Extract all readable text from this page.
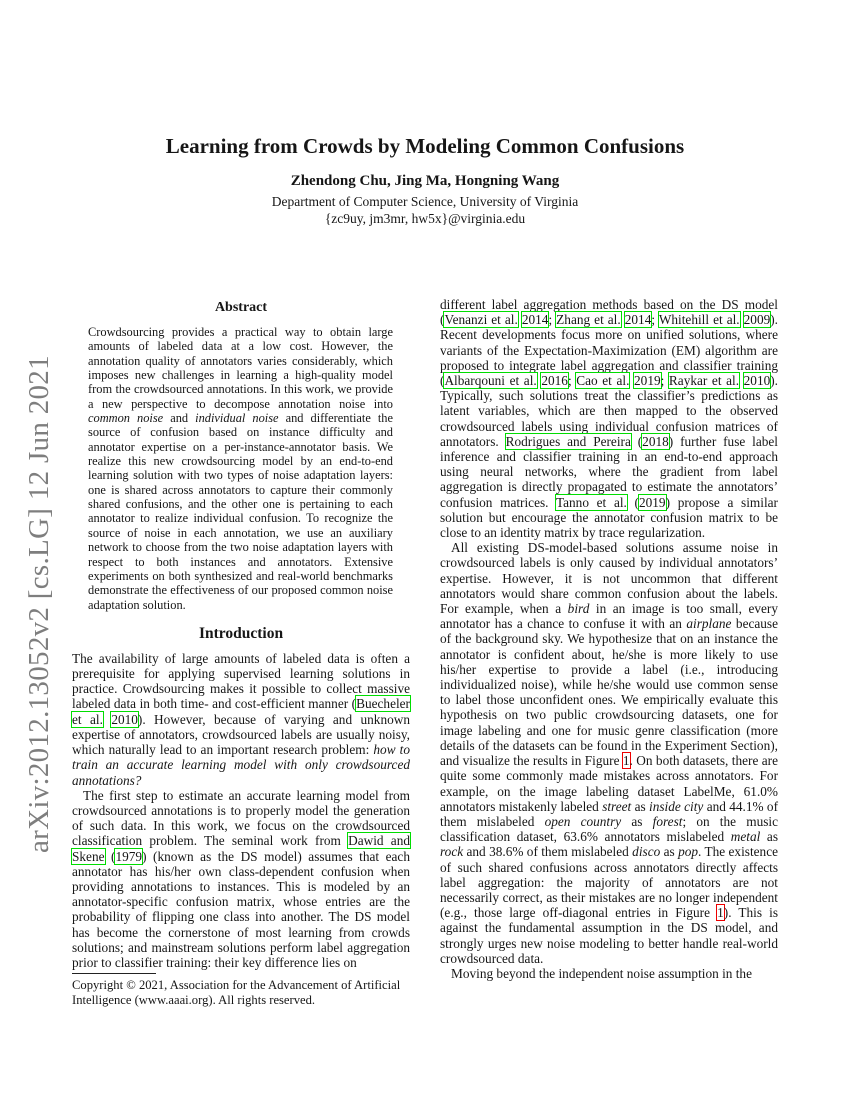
arXiv:2012.13052v2 [cs.LG] 12 Jun 2021
Learning from Crowds by Modeling Common Confusions
Zhendong Chu, Jing Ma, Hongning Wang
Department of Computer Science, University of Virginia
{zc9uy, jm3mr, hw5x}@virginia.edu
Abstract
Crowdsourcing provides a practical way to obtain large amounts of labeled data at a low cost. However, the annotation quality of annotators varies considerably, which imposes new challenges in learning a high-quality model from the crowdsourced annotations. In this work, we provide a new perspective to decompose annotation noise into common noise and individual noise and differentiate the source of confusion based on instance difficulty and annotator expertise on a per-instance-annotator basis. We realize this new crowdsourcing model by an end-to-end learning solution with two types of noise adaptation layers: one is shared across annotators to capture their commonly shared confusions, and the other one is pertaining to each annotator to realize individual confusion. To recognize the source of noise in each annotation, we use an auxiliary network to choose from the two noise adaptation layers with respect to both instances and annotators. Extensive experiments on both synthesized and real-world benchmarks demonstrate the effectiveness of our proposed common noise adaptation solution.
Introduction

The availability of large amounts of labeled data is often a prerequisite for applying supervised learning solutions in practice. Crowdsourcing makes it possible to collect massive labeled data in both time- and cost-efficient manner (Buecheler et al. 2010). However, because of varying and unknown expertise of annotators, crowdsourced labels are usually noisy, which naturally lead to an important research problem: how to train an accurate learning model with only crowdsourced annotations?

The first step to estimate an accurate learning model from crowdsourced annotations is to properly model the generation of such data. In this work, we focus on the crowdsourced classification problem. The seminal work from Dawid and Skene (1979) (known as the DS model) assumes that each annotator has his/her own class-dependent confusion when providing annotations to instances. This is modeled by an annotator-specific confusion matrix, whose entries are the probability of flipping one class into another. The DS model has become the cornerstone of most learning from crowds solutions; and mainstream solutions perform label aggregation prior to classifier training: their key difference lies on

Copyright © 2021, Association for the Advancement of Artificial Intelligence (www.aaai.org). All rights reserved.

different label aggregation methods based on the DS model (Venanzi et al. 2014; Zhang et al. 2014; Whitehill et al. 2009). Recent developments focus more on unified solutions, where variants of the Expectation-Maximization (EM) algorithm are proposed to integrate label aggregation and classifier training (Albarqouni et al. 2016; Cao et al. 2019; Raykar et al. 2010). Typically, such solutions treat the classifier’s predictions as latent variables, which are then mapped to the observed crowdsourced labels using individual confusion matrices of annotators. Rodrigues and Pereira (2018) further fuse label inference and classifier training in an end-to-end approach using neural networks, where the gradient from label aggregation is directly propagated to estimate the annotators’ confusion matrices. Tanno et al. (2019) propose a similar solution but encourage the annotator confusion matrix to be close to an identity matrix by trace regularization.

All existing DS-model-based solutions assume noise in crowdsourced labels is only caused by individual annotators’ expertise. However, it is not uncommon that different annotators would share common confusion about the labels. For example, when a bird in an image is too small, every annotator has a chance to confuse it with an airplane because of the background sky. We hypothesize that on an instance the annotator is confident about, he/she is more likely to use his/her expertise to provide a label (i.e., introducing individualized noise), while he/she would use common sense to label those unconfident ones. We empirically evaluate this hypothesis on two public crowdsourcing datasets, one for image labeling and one for music genre classification (more details of the datasets can be found in the Experiment Section), and visualize the results in Figure 1. On both datasets, there are quite some commonly made mistakes across annotators. For example, on the image labeling dataset LabelMe, 61.0% annotators mistakenly labeled street as inside city and 44.1% of them mislabeled open country as forest; on the music classification dataset, 63.6% annotators mislabeled metal as rock and 38.6% of them mislabeled disco as pop. The existence of such shared confusions across annotators directly affects label aggregation: the majority of annotators are not necessarily correct, as their mistakes are no longer independent (e.g., those large off-diagonal entries in Figure 1). This is against the fundamental assumption in the DS model, and strongly urges new noise modeling to better handle real-world crowdsourced data.

Moving beyond the independent noise assumption in the
